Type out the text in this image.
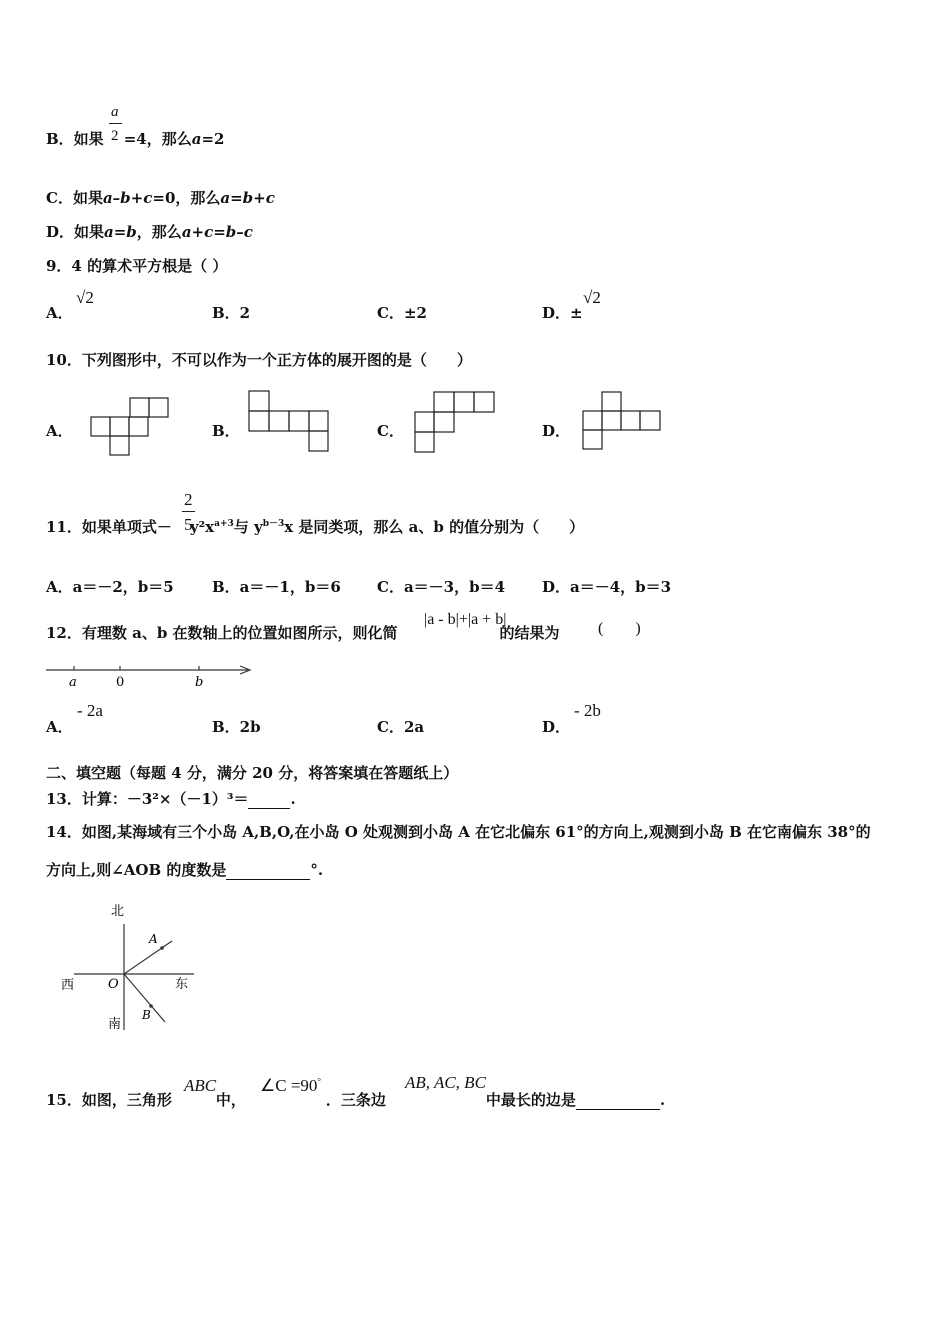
B．如果 =4，那么a=2
a
2
C．如果a–b+c=0，那么a=b+c
D．如果a=b，那么a+c=b–c
9．4 的算术平方根是（ ）
A．
√2
B．2	C．±2	D．±
√2
10．下列图形中，不可以作为一个正方体的展开图的是（　　）
A．	B．	C．	D．
11．如果单项式－ $y^2x^{a+3}$与 $y^{b-3}x$ 是同类项，那么 a、b 的值分别为（　　）
2
5
A．a＝－2，b＝5	B．a＝－1，b＝6 C．a＝－3，b＝4 D．a＝－4，b＝3
12．有理数 a、b 在数轴上的位置如图所示，则化简	的结果为
|a - b|+|a + b|
(　　)
a	0	b
A．
- 2a
B．2b	C．2a	D．
- 2b
二、填空题（每题 4 分，满分 20 分，将答案填在答题纸上）
13．计算：－3²×（－1）³＝	.
14．如图,某海域有三个小岛 A,B,O,在小岛 O 处观测到小岛 A 在它北偏东 61°的方向上,观测到小岛 B 在它南偏东 38°的
方向上,则∠AOB 的度数是	°.
北
南
西	东
O
A
B
15．如图，三角形	中，	．三条边	中最长的边是	.
ABC	∠C =90°	AB, AC, BC
